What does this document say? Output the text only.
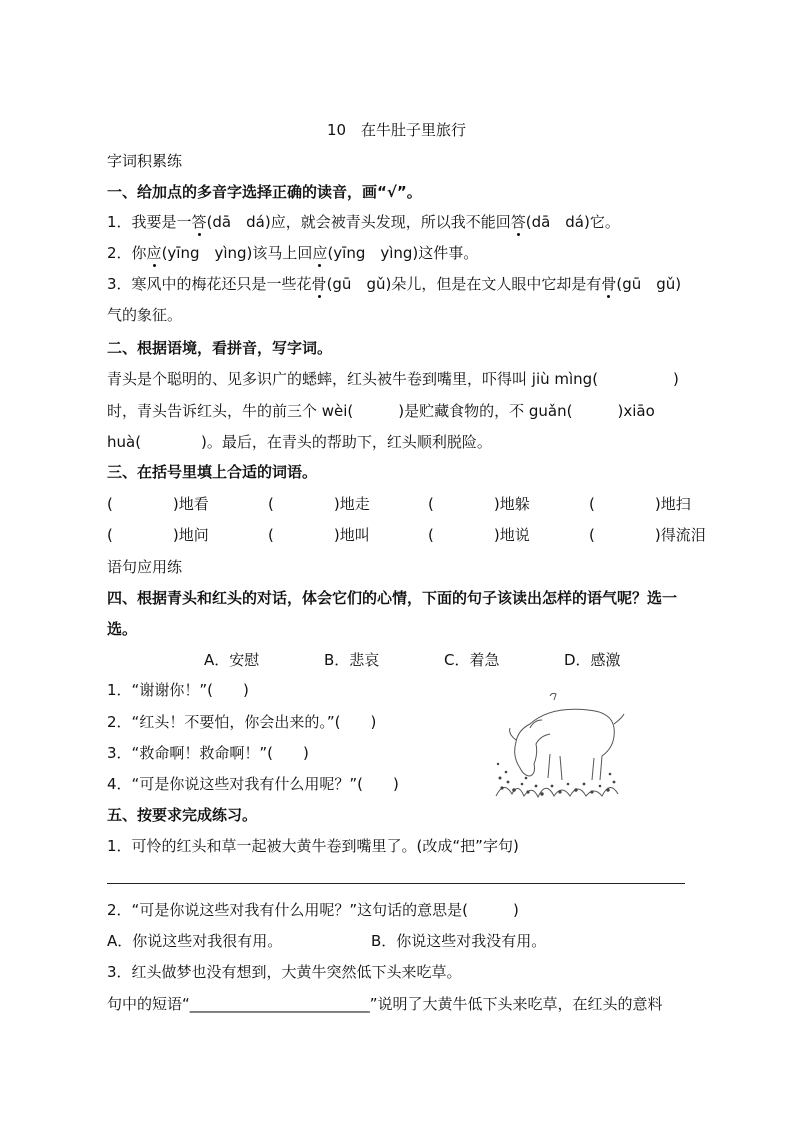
10　在牛肚子里旅行
字词积累练
一、给加点的多音字选择正确的读音，画“√”。
1．我要是一答(dā　dá)应，就会被青头发现，所以我不能回答(dā　dá)它。
2．你应(yīng　yìng)该马上回应(yīng　yìng)这件事。
3．寒风中的梅花还只是一些花骨(gū　gǔ)朵儿，但是在文人眼中它却是有骨(gū　gǔ)
气的象征。
二、根据语境，看拼音，写字词。
青头是个聪明的、见多识广的蟋蟀，红头被牛卷到嘴里，吓得叫 jiù mìng(　　　　　)
时，青头告诉红头，牛的前三个 wèi(　　　)是贮藏食物的，不 guǎn(　　　)xiāo
huà(　　　　)。最后，在青头的帮助下，红头顺利脱险。
三、在括号里填上合适的词语。
(　　　　)地看	(　　　　)地走	(　　　　)地躲	(　　　　)地扫
(　　　　)地问	(　　　　)地叫	(　　　　)地说	(　　　　)得流泪
语句应用练
四、根据青头和红头的对话，体会它们的心情，下面的句子该读出怎样的语气呢？选一
选。
A．安慰	B．悲哀	C．着急	D．感激
1．“谢谢你！”(　　)
2．“红头！不要怕，你会出来的。”(　　)
3．“救命啊！救命啊！”(　　)
4．“可是你说这些对我有什么用呢？”(　　)
五、按要求完成练习。
1．可怜的红头和草一起被大黄牛卷到嘴里了。(改成“把”字句)
2．“可是你说这些对我有什么用呢？”这句话的意思是(　　　)
A．你说这些对我很有用。	B．你说这些对我没有用。
3．红头做梦也没有想到，大黄牛突然低下头来吃草。
句中的短语“________________________”说明了大黄牛低下头来吃草，在红头的意料
